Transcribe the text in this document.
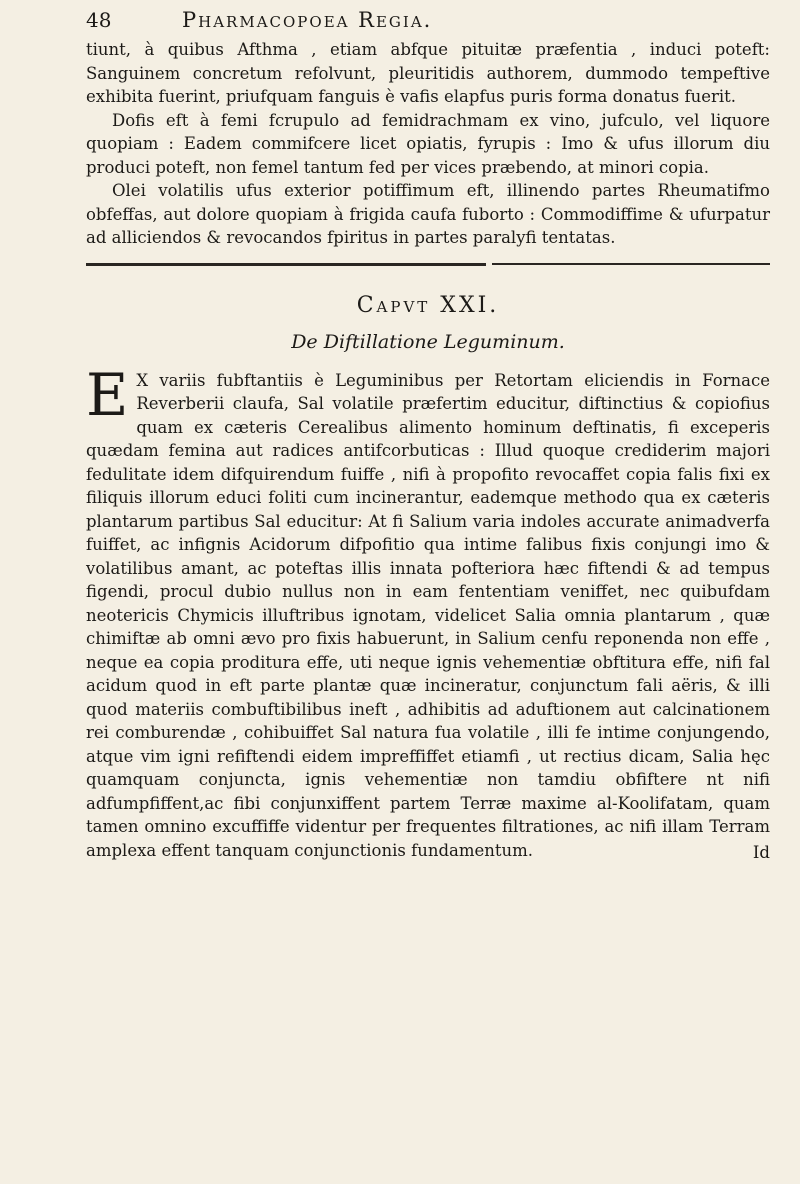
48	Pharmacopoea Regia.

tiunt, à quibus Afthma , etiam abfque pituitæ præfentia , induci poteft: Sanguinem concretum refolvunt, pleuritidis authorem, dummodo tempeftive exhibita fuerint, priufquam fanguis è vafis elapfus puris forma donatus fuerit.

Dofis eft à femi fcrupulo ad femidrachmam ex vino, jufculo, vel liquore quopiam : Eadem commifcere licet opiatis, fyrupis : Imo & ufus illorum diu produci poteft, non femel tantum fed per vices præbendo, at minori copia.

Olei volatilis ufus exterior potiffimum eft, illinendo partes Rheumatifmo obfeffas, aut dolore quopiam à frigida caufa fuborto : Commodiffime & ufurpatur ad alliciendos & revocandos fpiritus in partes paralyfi tentatas.

Capvt XXI.
De Diftillatione Leguminum.
E X variis fubftantiis è Leguminibus per Retortam eliciendis in Fornace Reverberii claufa, Sal volatile præfertim educitur, diftinctius & copiofius quam ex cæteris Cerealibus alimento hominum deftinatis, fi exceperis quædam femina aut radices antifcorbuticas : Illud quoque crediderim majori fedulitate idem difquirendum fuiffe , nifi à propofito revocaffet copia falis fixi ex filiquis illorum educi foliti cum incinerantur, eademque methodo qua ex cæteris plantarum partibus Sal educitur: At fi Salium varia indoles accurate animadverfa fuiffet, ac infignis Acidorum difpofitio qua intime falibus fixis conjungi imo & volatilibus amant, ac poteftas illis innata pofteriora hæc fiftendi & ad tempus figendi, procul dubio nullus non in eam fententiam veniffet, nec quibufdam neotericis Chymicis illuftribus ignotam, videlicet Salia omnia plantarum , quæ chimiftæ ab omni ævo pro fixis habuerunt, in Salium cenfu reponenda non effe , neque ea copia proditura effe, uti neque ignis vehementiæ obftitura effe, nifi fal acidum quod in eft parte plantæ quæ incineratur, conjunctum fali aëris, & illi quod materiis combuftibilibus ineft , adhibitis ad aduftionem aut calcinationem rei comburendæ , cohibuiffet Sal natura fua volatile , illi fe intime conjungendo, atque vim igni refiftendi eidem impreffiffet etiamfi , ut rectius dicam, Salia hęc quamquam conjuncta, ignis vehementiæ non tamdiu obfiftere nt nifi adfumpfiffent,ac fibi conjunxiffent partem Terræ maxime al-Koolifatam, quam tamen omnino excuffiffe videntur per frequentes filtrationes, ac nifi illam Terram amplexa effent tanquam conjunctionis fundamentum.	Id
